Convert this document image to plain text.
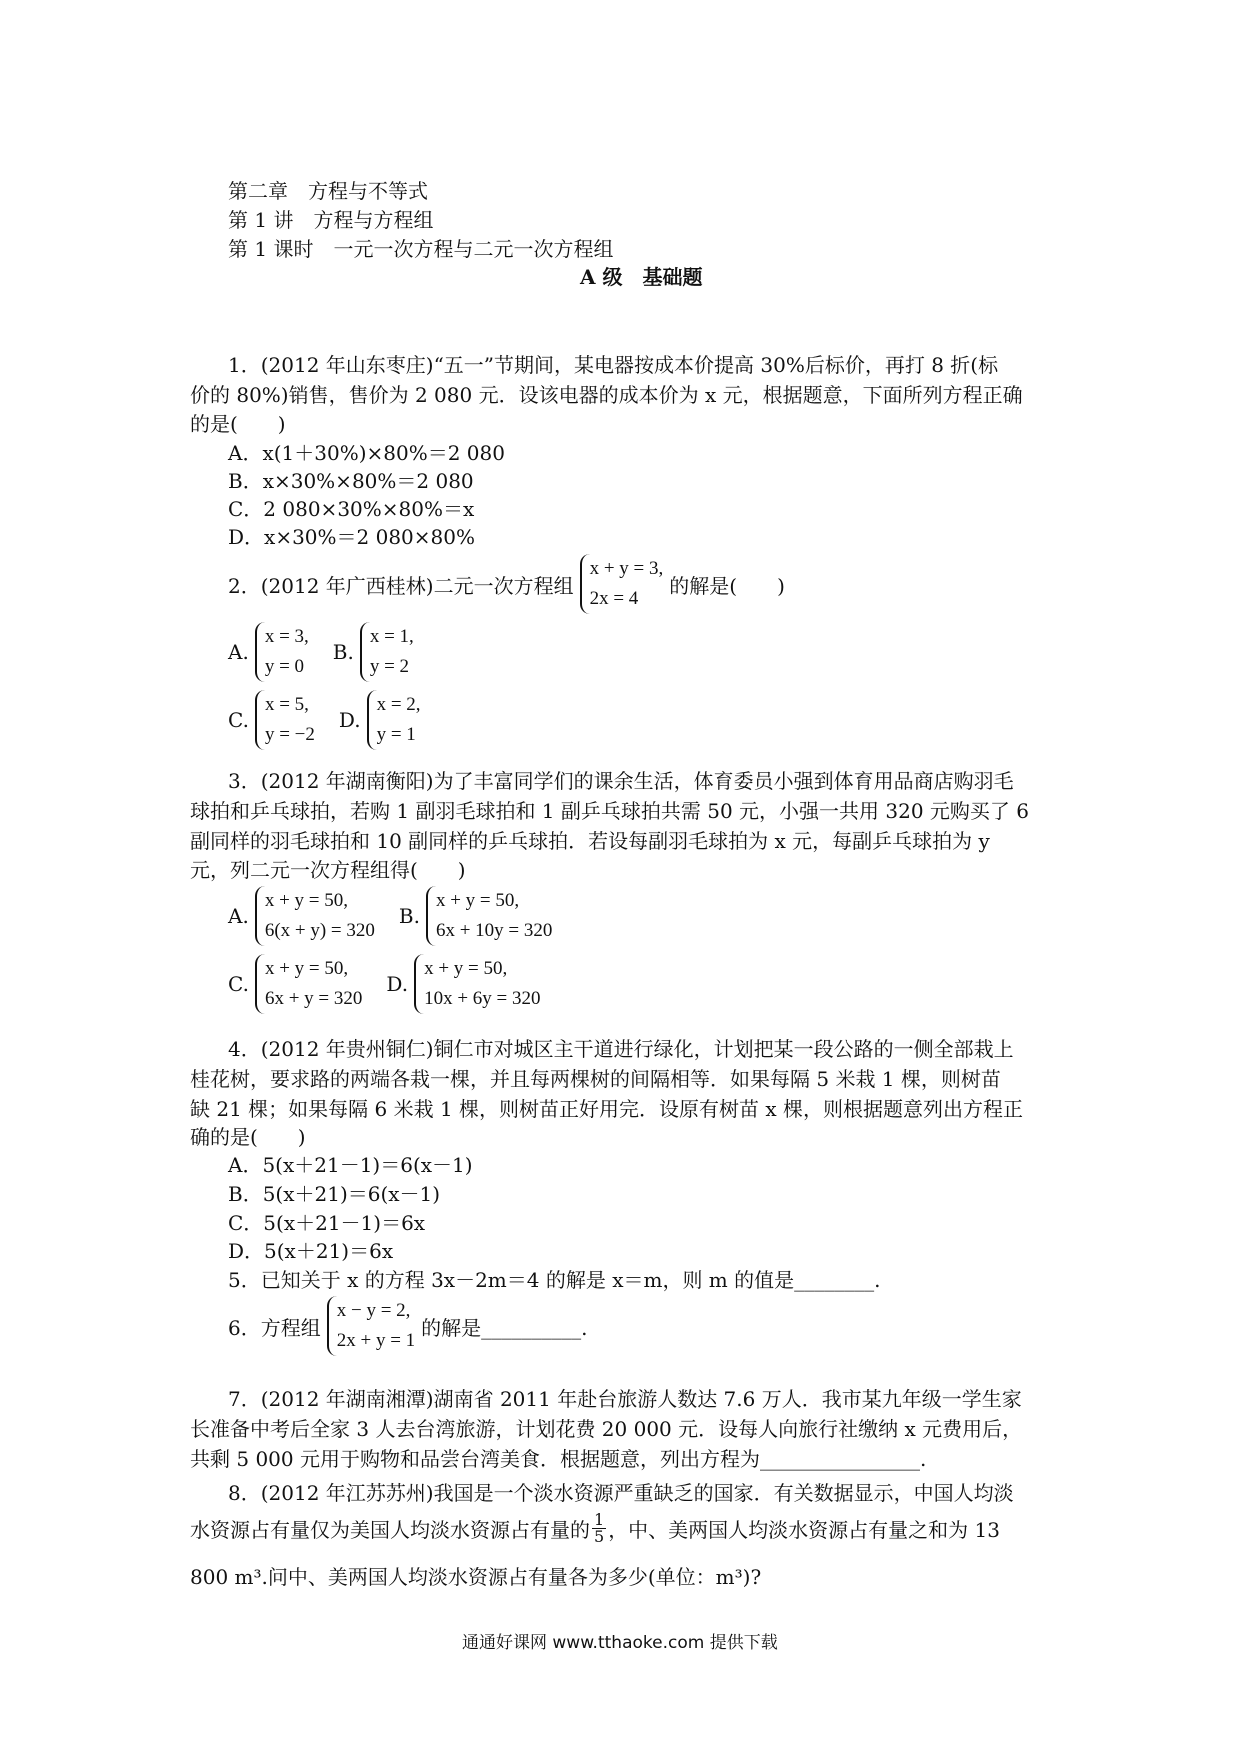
第二章　方程与不等式
第 1 讲　方程与方程组
第 1 课时　一元一次方程与二元一次方程组
A 级　基础题
1．(2012 年山东枣庄)“五一”节期间，某电器按成本价提高 30%后标价，再打 8 折(标
价的 80%)销售，售价为 2 080 元．设该电器的成本价为 x 元，根据题意，下面所列方程正确
的是(　　)
A．x(1＋30%)×80%＝2 080
B．x×30%×80%＝2 080
C．2 080×30%×80%＝x
D．x×30%＝2 080×80%
2．(2012 年广西桂林)二元一次方程组
x + y = 3,
2x = 4
的解是(　　)
A.
x = 3,
y = 0
B.
x = 1,
y = 2
C.
x = 5,
y = −2
D.
x = 2,
y = 1
3．(2012 年湖南衡阳)为了丰富同学们的课余生活，体育委员小强到体育用品商店购羽毛
球拍和乒乓球拍，若购 1 副羽毛球拍和 1 副乒乓球拍共需 50 元，小强一共用 320 元购买了 6
副同样的羽毛球拍和 10 副同样的乒乓球拍．若设每副羽毛球拍为 x 元，每副乒乓球拍为 y
元，列二元一次方程组得(　　)
A.
x + y = 50,
6(x + y) = 320
B.
x + y = 50,
6x + 10y = 320
C.
x + y = 50,
6x + y = 320
D.
x + y = 50,
10x + 6y = 320
4．(2012 年贵州铜仁)铜仁市对城区主干道进行绿化，计划把某一段公路的一侧全部栽上
桂花树，要求路的两端各栽一棵，并且每两棵树的间隔相等．如果每隔 5 米栽 1 棵，则树苗
缺 21 棵；如果每隔 6 米栽 1 棵，则树苗正好用完．设原有树苗 x 棵，则根据题意列出方程正
确的是(　　)
A．5(x＋21－1)＝6(x－1)
B．5(x＋21)＝6(x－1)
C．5(x＋21－1)＝6x
D．5(x＋21)＝6x
5．已知关于 x 的方程 3x－2m＝4 的解是 x＝m，则 m 的值是________.
6．方程组
x − y = 2,
2x + y = 1
的解是__________.
7．(2012 年湖南湘潭)湖南省 2011 年赴台旅游人数达 7.6 万人．我市某九年级一学生家
长准备中考后全家 3 人去台湾旅游，计划花费 20 000 元．设每人向旅行社缴纳 x 元费用后，
共剩 5 000 元用于购物和品尝台湾美食．根据题意，列出方程为________________.
8．(2012 年江苏苏州)我国是一个淡水资源严重缺乏的国家．有关数据显示，中国人均淡
水资源占有量仅为美国人均淡水资源占有量的 $\frac{1}{5}$ ，中、美两国人均淡水资源占有量之和为 13
800 m³.问中、美两国人均淡水资源占有量各为多少(单位：m³)?
通通好课网 www.tthaoke.com 提供下载
